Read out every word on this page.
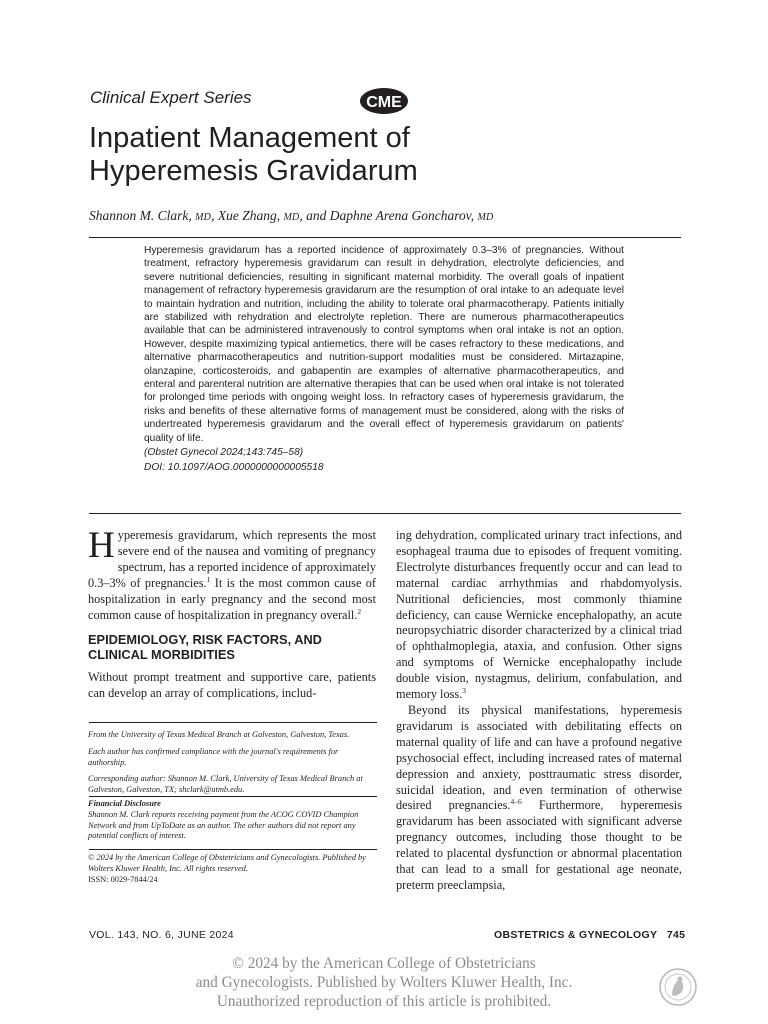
Clinical Expert Series	CME
Inpatient Management of
Hyperemesis Gravidarum
Shannon M. Clark, MD, Xue Zhang, MD, and Daphne Arena Goncharov, MD

Hyperemesis gravidarum has a reported incidence of approximately 0.3–3% of pregnancies. Without treatment, refractory hyperemesis gravidarum can result in dehydration, electrolyte deficiencies, and severe nutritional deficiencies, resulting in significant maternal morbidity. The overall goals of inpatient management of refractory hyperemesis gravidarum are the resumption of oral intake to an adequate level to maintain hydration and nutrition, including the ability to tolerate oral pharmacotherapy. Patients initially are stabilized with rehydration and electrolyte repletion. There are numerous pharmacotherapeutics available that can be administered intravenously to control symptoms when oral intake is not an option. However, despite maximizing typical antiemetics, there will be cases refractory to these medications, and alternative pharmacotherapeutics and nutrition-support modalities must be considered. Mirtazapine, olanzapine, corticosteroids, and gabapentin are examples of alternative pharmacotherapeutics, and enteral and parenteral nutrition are alternative therapies that can be used when oral intake is not tolerated for prolonged time periods with ongoing weight loss. In refractory cases of hyperemesis gravidarum, the risks and benefits of these alternative forms of management must be considered, along with the risks of undertreated hyperemesis gravidarum and the overall effect of hyperemesis gravidarum on patients' quality of life.

(Obstet Gynecol 2024;143:745–58)

DOI: 10.1097/AOG.0000000000005518

Hyperemesis gravidarum, which represents the most severe end of the nausea and vomiting of pregnancy spectrum, has a reported incidence of approximately 0.3–3% of pregnancies.$^1$ It is the most common cause of hospitalization in early pregnancy and the second most common cause of hospitalization in pregnancy overall.$^2$

EPIDEMIOLOGY, RISK FACTORS, AND CLINICAL MORBIDITIES

Without prompt treatment and supportive care, patients can develop an array of complications, includ-

From the University of Texas Medical Branch at Galveston, Galveston, Texas.

Each author has confirmed compliance with the journal's requirements for authorship.

Corresponding author: Shannon M. Clark, University of Texas Medical Branch at Galveston, Galveston, TX; shclark@utmb.edu.

Financial Disclosure

Shannon M. Clark reports receiving payment from the ACOG COVID Champion Network and from UpToDate as an author. The other authors did not report any potential conflicts of interest.

© 2024 by the American College of Obstetricians and Gynecologists. Published by Wolters Kluwer Health, Inc. All rights reserved.

ISSN: 0029-7844/24

ing dehydration, complicated urinary tract infections, and esophageal trauma due to episodes of frequent vomiting. Electrolyte disturbances frequently occur and can lead to maternal cardiac arrhythmias and rhabdomyolysis. Nutritional deficiencies, most commonly thiamine deficiency, can cause Wernicke encephalopathy, an acute neuropsychiatric disorder characterized by a clinical triad of ophthalmoplegia, ataxia, and confusion. Other signs and symptoms of Wernicke encephalopathy include double vision, nystagmus, delirium, confabulation, and memory loss.$^3$

Beyond its physical manifestations, hyperemesis gravidarum is associated with debilitating effects on maternal quality of life and can have a profound negative psychosocial effect, including increased rates of maternal depression and anxiety, posttraumatic stress disorder, suicidal ideation, and even termination of otherwise desired pregnancies.$^{4-6}$ Furthermore, hyperemesis gravidarum has been associated with significant adverse pregnancy outcomes, including those thought to be related to placental dysfunction or abnormal placentation that can lead to a small for gestational age neonate, preterm preeclampsia,

VOL. 143, NO. 6, JUNE 2024	OBSTETRICS & GYNECOLOGY 745

© 2024 by the American College of Obstetricians

and Gynecologists. Published by Wolters Kluwer Health, Inc.

Unauthorized reproduction of this article is prohibited.
